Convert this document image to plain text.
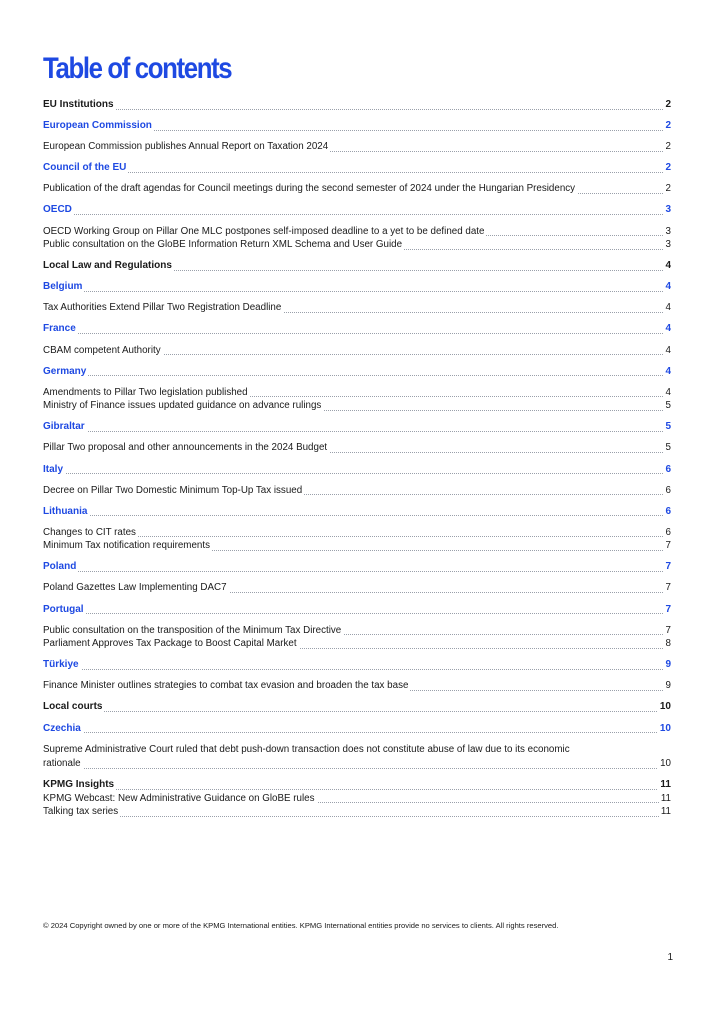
Table of contents
EU Institutions	2
European Commission	2
European Commission publishes Annual Report on Taxation 2024	2
Council of the EU	2
Publication of the draft agendas for Council meetings during the second semester of 2024 under the Hungarian Presidency	2
OECD	3
OECD Working Group on Pillar One MLC postpones self-imposed deadline to a yet to be defined date	3
Public consultation on the GloBE Information Return XML Schema and User Guide	3
Local Law and Regulations	4
Belgium	4
Tax Authorities Extend Pillar Two Registration Deadline	4
France	4
CBAM competent Authority	4
Germany	4
Amendments to Pillar Two legislation published	4
Ministry of Finance issues updated guidance on advance rulings	5
Gibraltar	5
Pillar Two proposal and other announcements in the 2024 Budget	5
Italy	6
Decree on Pillar Two Domestic Minimum Top-Up Tax issued	6
Lithuania	6
Changes to CIT rates	6
Minimum Tax notification requirements	7
Poland	7
Poland Gazettes Law Implementing DAC7	7
Portugal	7
Public consultation on the transposition of the Minimum Tax Directive	7
Parliament Approves Tax Package to Boost Capital Market	8
Türkiye	9
Finance Minister outlines strategies to combat tax evasion and broaden the tax base	9
Local courts	10
Czechia	10
Supreme Administrative Court ruled that debt push-down transaction does not constitute abuse of law due to its economic
rationale	10
KPMG Insights	11
KPMG Webcast: New Administrative Guidance on GloBE rules	11
Talking tax series	11
© 2024 Copyright owned by one or more of the KPMG International entities. KPMG International entities provide no services to clients. All rights reserved.
1
